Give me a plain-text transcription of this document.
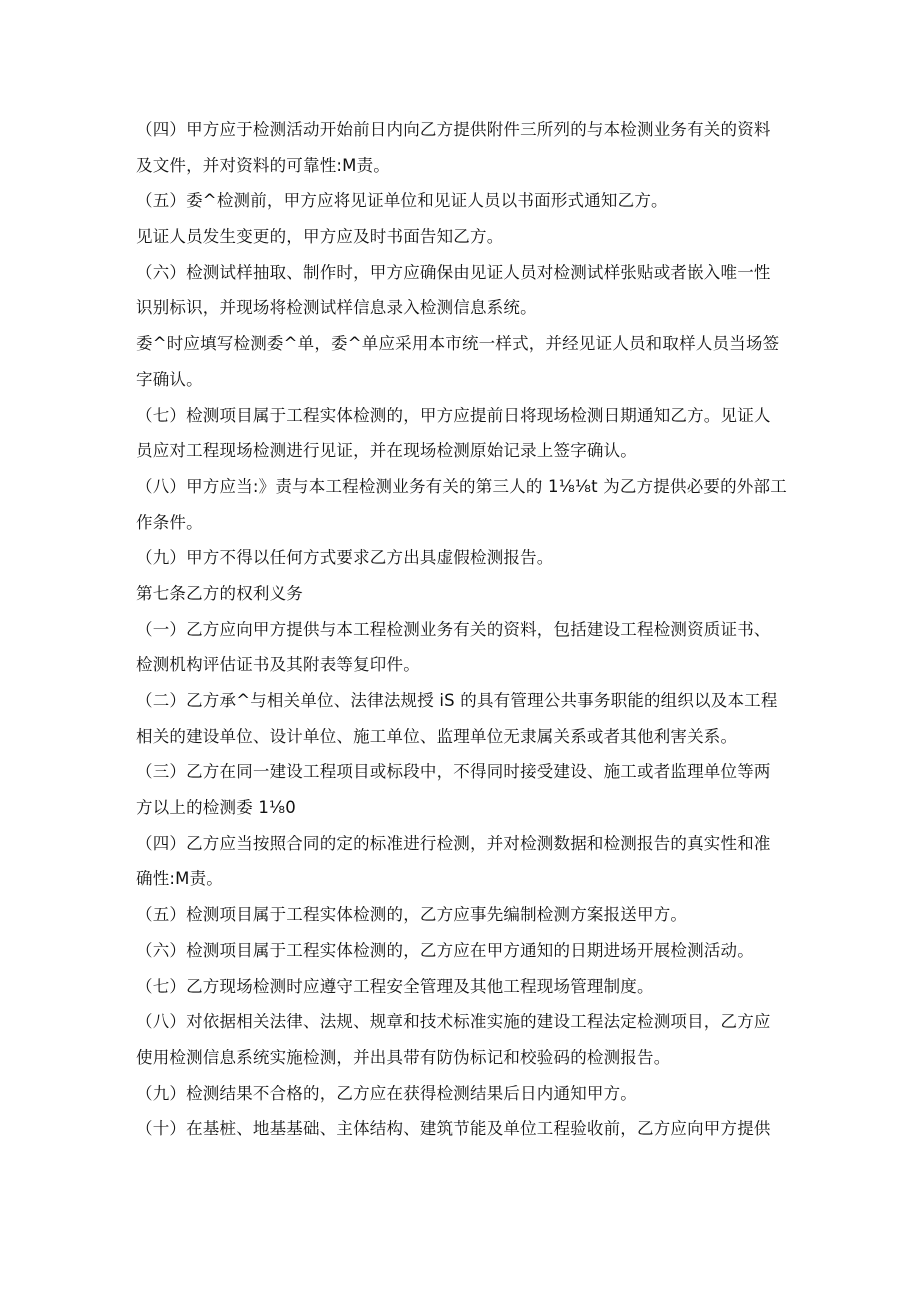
（四）甲方应于检测活动开始前日内向乙方提供附件三所列的与本检测业务有关的资料
及文件，并对资料的可靠性:M责。
（五）委^检测前，甲方应将见证单位和见证人员以书面形式通知乙方。
见证人员发生变更的，甲方应及时书面告知乙方。
（六）检测试样抽取、制作时，甲方应确保由见证人员对检测试样张贴或者嵌入唯一性
识别标识，并现场将检测试样信息录入检测信息系统。
委^时应填写检测委^单，委^单应采用本市统一样式，并经见证人员和取样人员当场签
字确认。
（七）检测项目属于工程实体检测的，甲方应提前日将现场检测日期通知乙方。见证人
员应对工程现场检测进行见证，并在现场检测原始记录上签字确认。
（八）甲方应当:》责与本工程检测业务有关的第三人的 1⅛⅛t 为乙方提供必要的外部工
作条件。
（九）甲方不得以任何方式要求乙方出具虚假检测报告。
第七条乙方的权利义务
（一）乙方应向甲方提供与本工程检测业务有关的资料，包括建设工程检测资质证书、
检测机构评估证书及其附表等复印件。
（二）乙方承^与相关单位、法律法规授 iS 的具有管理公共事务职能的组织以及本工程
相关的建设单位、设计单位、施工单位、监理单位无隶属关系或者其他利害关系。
（三）乙方在同一建设工程项目或标段中，不得同时接受建设、施工或者监理单位等两
方以上的检测委 1⅛0
（四）乙方应当按照合同的定的标准进行检测，并对检测数据和检测报告的真实性和准
确性:M责。
（五）检测项目属于工程实体检测的，乙方应事先编制检测方案报送甲方。
（六）检测项目属于工程实体检测的，乙方应在甲方通知的日期进场开展检测活动。
（七）乙方现场检测时应遵守工程安全管理及其他工程现场管理制度。
（八）对依据相关法律、法规、规章和技术标准实施的建设工程法定检测项目，乙方应
使用检测信息系统实施检测，并出具带有防伪标记和校验码的检测报告。
（九）检测结果不合格的，乙方应在获得检测结果后日内通知甲方。
（十）在基桩、地基基础、主体结构、建筑节能及单位工程验收前，乙方应向甲方提供
